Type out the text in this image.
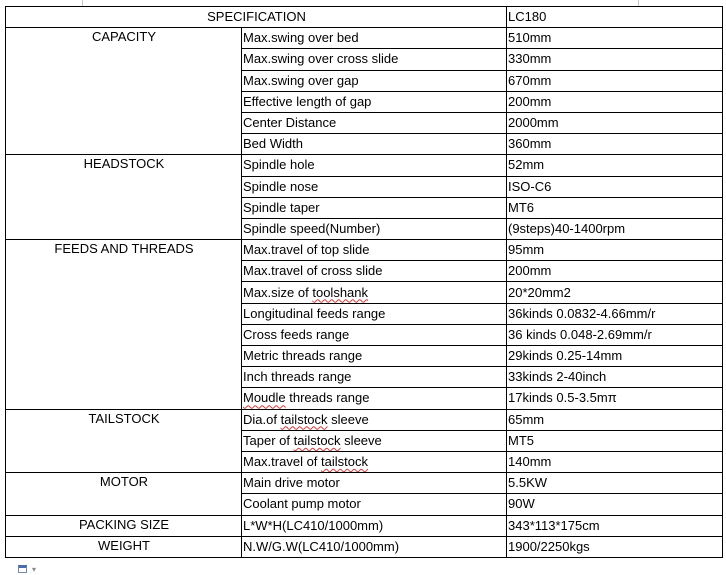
SPECIFICATION		LC180
CAPACITY	Max.swing over bed	510mm
	Max.swing over cross slide	330mm
	Max.swing over gap	670mm
	Effective length of gap	200mm
	Center Distance	2000mm
	Bed Width	360mm
HEADSTOCK	Spindle hole	52mm
	Spindle nose	ISO-C6
	Spindle taper	MT6
	Spindle speed(Number)	(9steps)40-1400rpm
FEEDS AND THREADS	Max.travel of top slide	95mm
	Max.travel of cross slide	200mm
	Max.size of toolshank	20*20mm2
	Longitudinal feeds range	36kinds 0.0832-4.66mm/r
	Cross feeds range	36 kinds 0.048-2.69mm/r
	Metric threads range	29kinds 0.25-14mm
	Inch threads range	33kinds 2-40inch
	Moudle threads range	17kinds 0.5-3.5mπ
TAILSTOCK	Dia.of tailstock sleeve	65mm
	Taper of tailstock sleeve	MT5
	Max.travel of tailstock	140mm
MOTOR	Main drive motor	5.5KW
	Coolant pump motor	90W
PACKING SIZE	L*W*H(LC410/1000mm)	343*113*175cm
WEIGHT	N.W/G.W(LC410/1000mm)	1900/2250kgs
▾
